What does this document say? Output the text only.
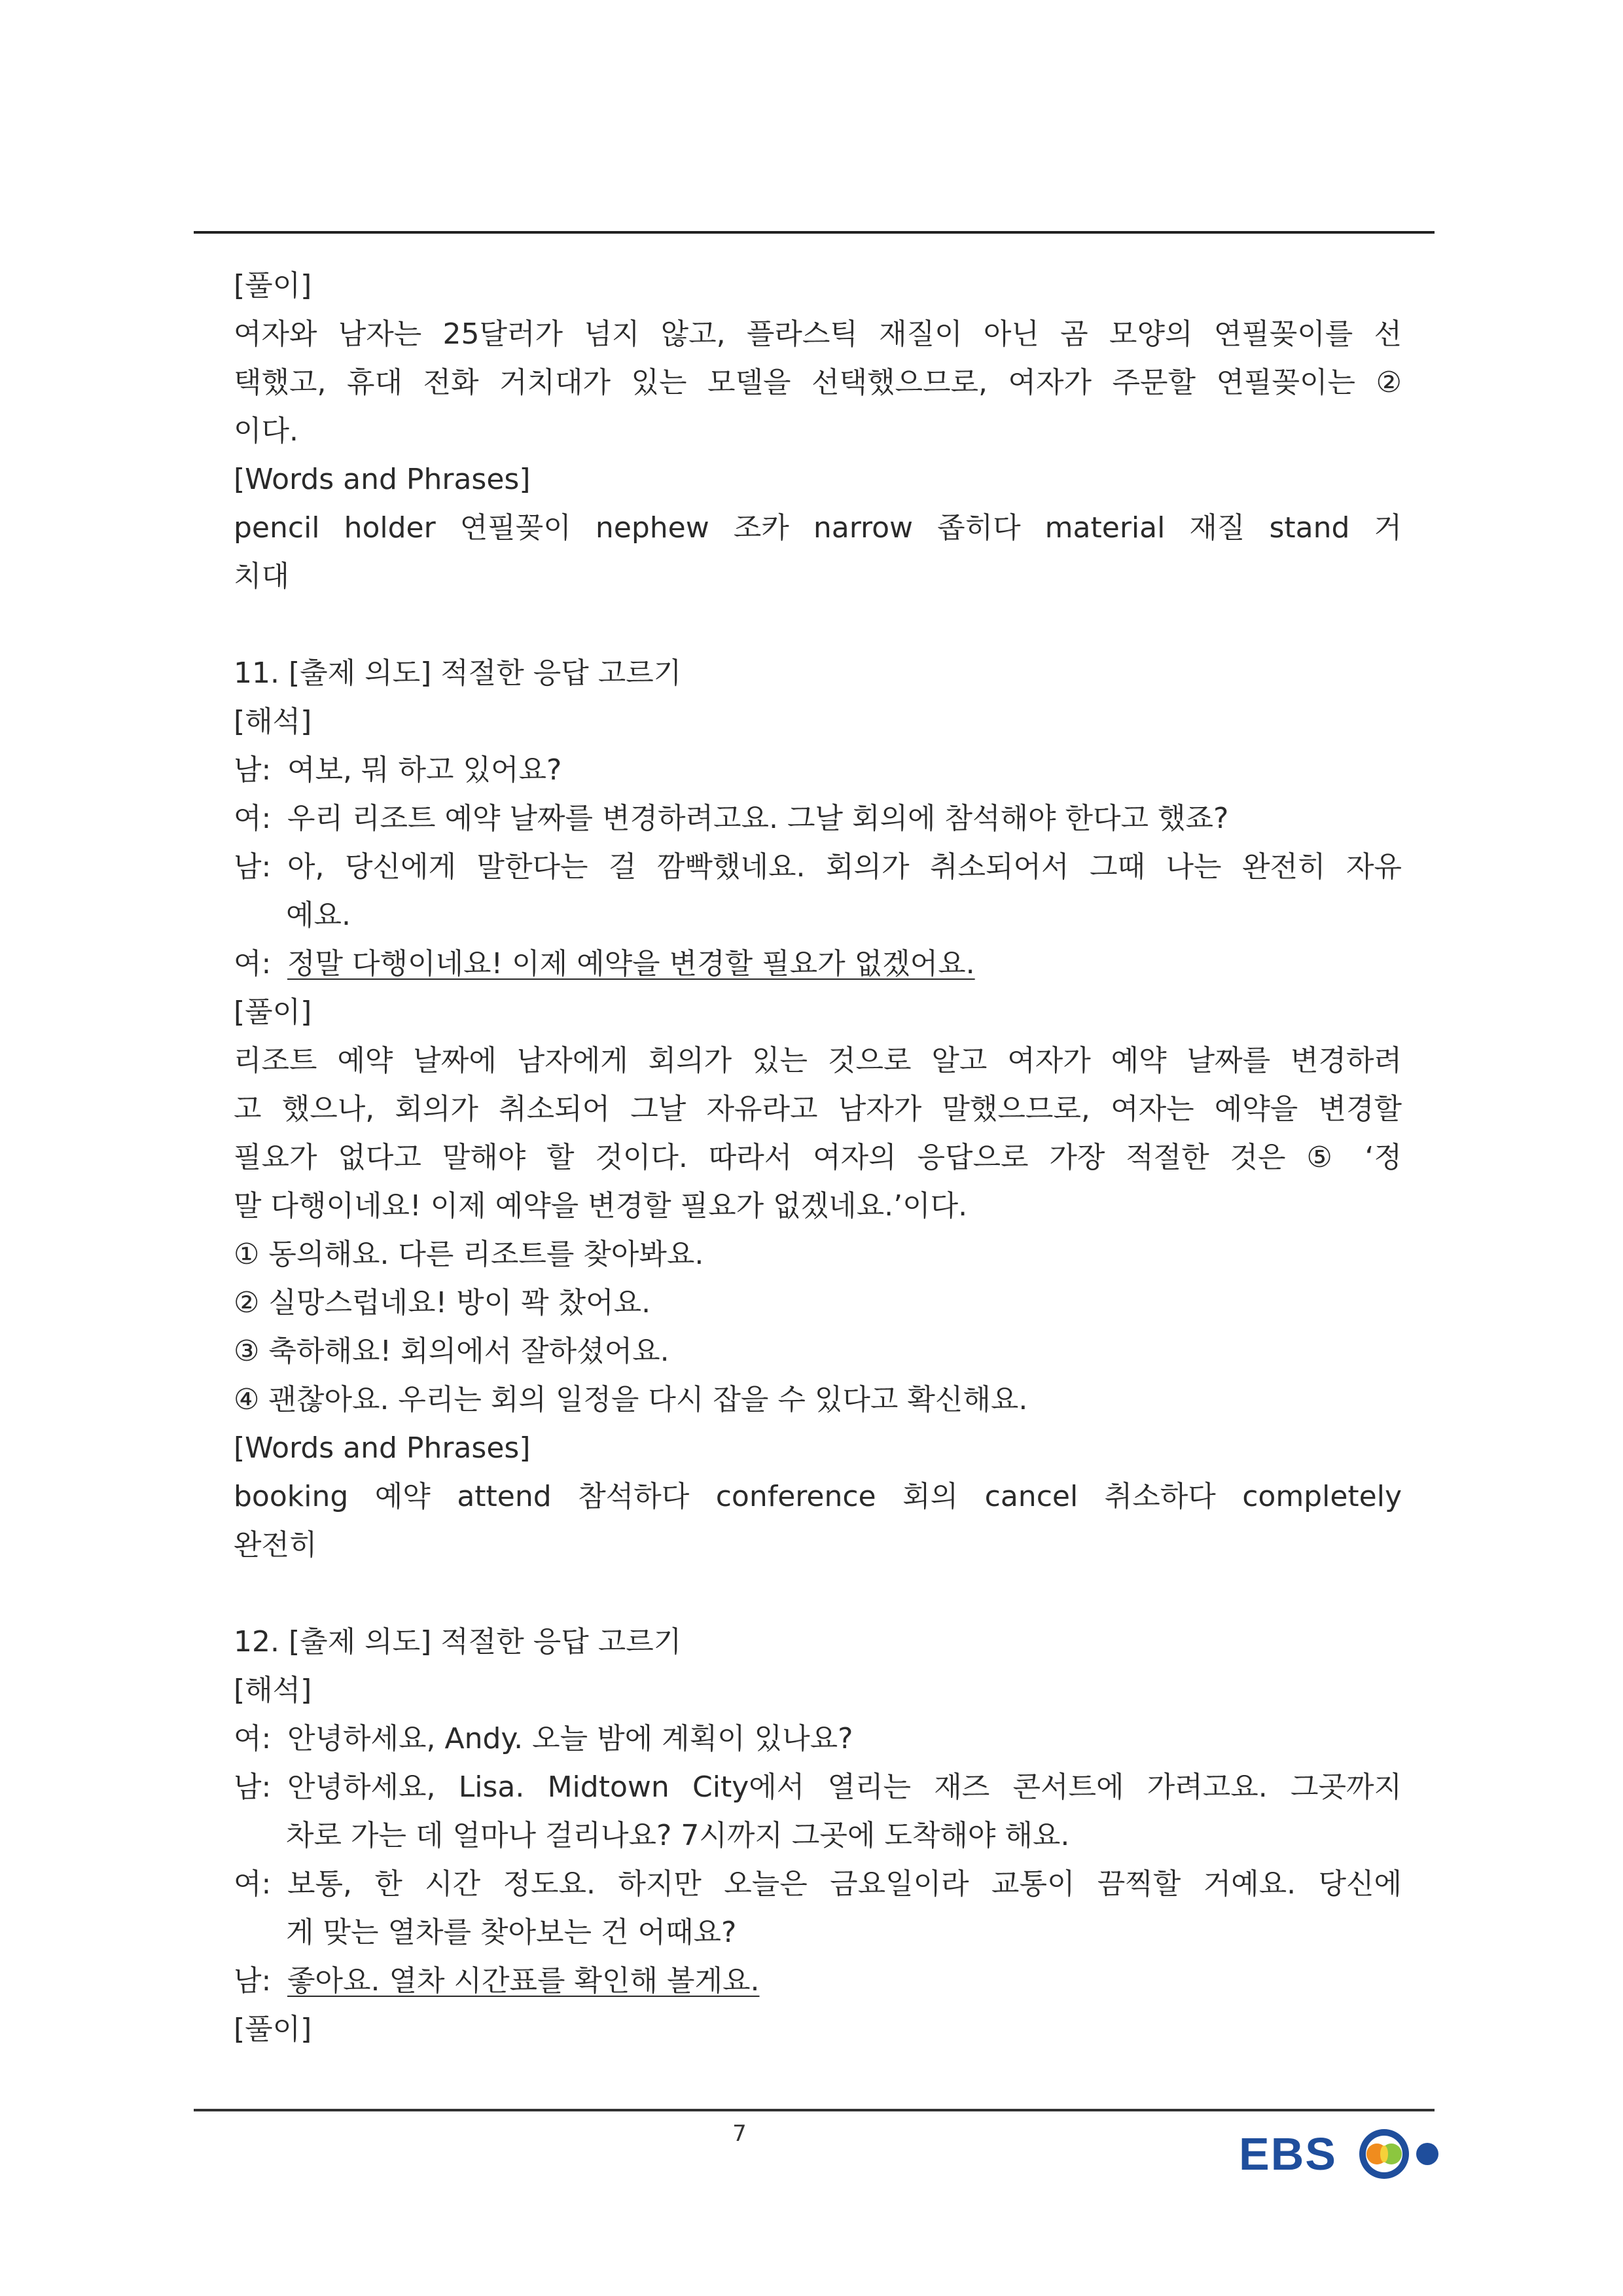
[풀이]
여자와 남자는 25달러가 넘지 않고, 플라스틱 재질이 아닌 곰 모양의 연필꽂이를 선
택했고, 휴대 전화 거치대가 있는 모델을 선택했으므로, 여자가 주문할 연필꽂이는 ②
이다.
[Words and Phrases]
pencil holder 연필꽂이 nephew 조카 narrow 좁히다 material 재질 stand 거
치대
11. [출제 의도] 적절한 응답 고르기
[해석]
남: 여보, 뭐 하고 있어요?
여: 우리 리조트 예약 날짜를 변경하려고요. 그날 회의에 참석해야 한다고 했죠?
남: 아, 당신에게 말한다는 걸 깜빡했네요. 회의가 취소되어서 그때 나는 완전히 자유
예요.
여: 정말 다행이네요! 이제 예약을 변경할 필요가 없겠어요.
[풀이]
리조트 예약 날짜에 남자에게 회의가 있는 것으로 알고 여자가 예약 날짜를 변경하려
고 했으나, 회의가 취소되어 그날 자유라고 남자가 말했으므로, 여자는 예약을 변경할
필요가 없다고 말해야 할 것이다. 따라서 여자의 응답으로 가장 적절한 것은 ⑤ ‘정
말 다행이네요! 이제 예약을 변경할 필요가 없겠네요.’이다.
① 동의해요. 다른 리조트를 찾아봐요.
② 실망스럽네요! 방이 꽉 찼어요.
③ 축하해요! 회의에서 잘하셨어요.
④ 괜찮아요. 우리는 회의 일정을 다시 잡을 수 있다고 확신해요.
[Words and Phrases]
booking 예약 attend 참석하다 conference 회의 cancel 취소하다 completely
완전히
12. [출제 의도] 적절한 응답 고르기
[해석]
여: 안녕하세요, Andy. 오늘 밤에 계획이 있나요?
남: 안녕하세요, Lisa. Midtown City에서 열리는 재즈 콘서트에 가려고요. 그곳까지
차로 가는 데 얼마나 걸리나요? 7시까지 그곳에 도착해야 해요.
여: 보통, 한 시간 정도요. 하지만 오늘은 금요일이라 교통이 끔찍할 거예요. 당신에
게 맞는 열차를 찾아보는 건 어때요?
남: 좋아요. 열차 시간표를 확인해 볼게요.
[풀이]
7	EBS
